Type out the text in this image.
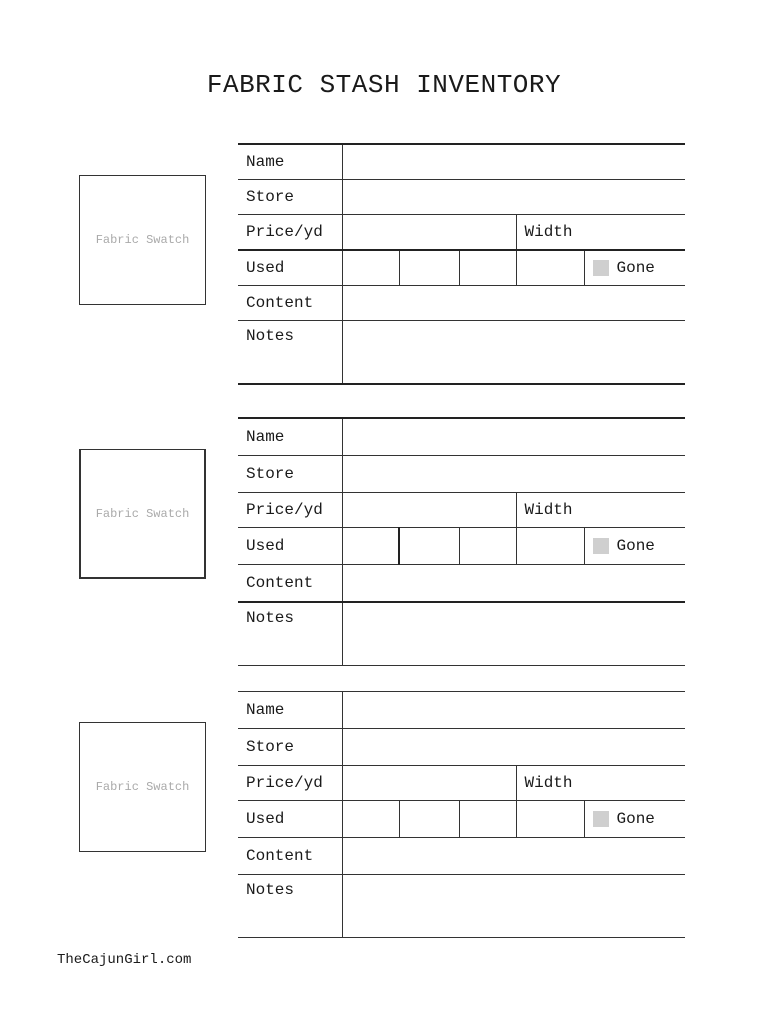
FABRIC STASH INVENTORY
Fabric Swatch
Name					
Store					
Price/yd				Width	
Used					Gone

Content					
Notes					
Fabric Swatch
Name					
Store					
Price/yd				Width	
Used					Gone

Content					
Notes					
Fabric Swatch
Name					
Store					
Price/yd				Width	
Used					Gone

Content					
Notes					
TheCajunGirl.com
